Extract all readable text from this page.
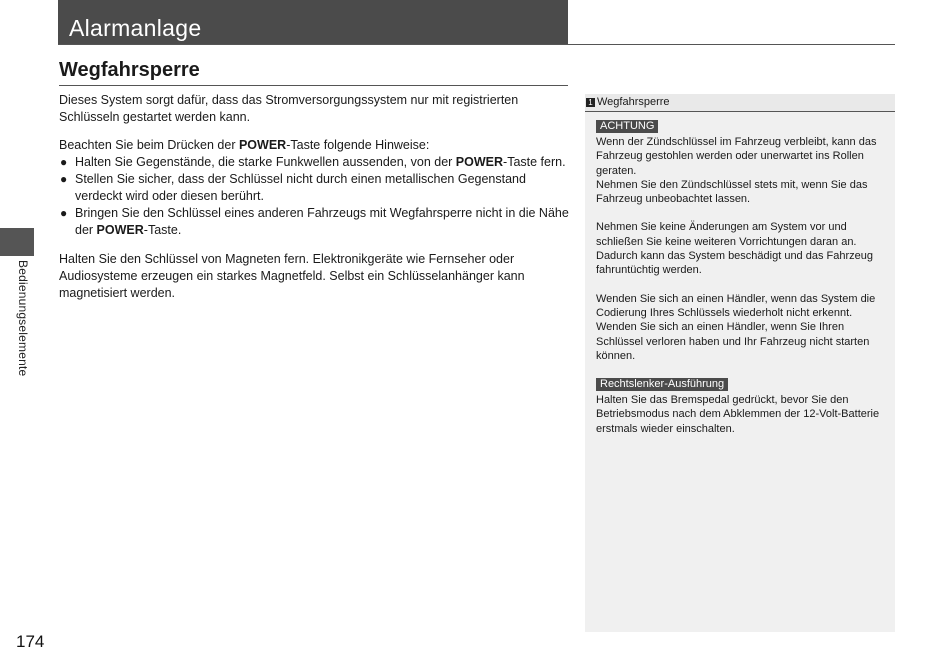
Alarmanlage
Bedienungselemente
174
Wegfahrsperre

Dieses System sorgt dafür, dass das Stromversorgungssystem nur mit registrierten Schlüsseln gestartet werden kann.

Beachten Sie beim Drücken der POWER-Taste folgende Hinweise:
● Halten Sie Gegenstände, die starke Funkwellen aussenden, von der POWER-Taste fern.
● Stellen Sie sicher, dass der Schlüssel nicht durch einen metallischen Gegenstand verdeckt wird oder diesen berührt.
● Bringen Sie den Schlüssel eines anderen Fahrzeugs mit Wegfahrsperre nicht in die Nähe der POWER-Taste.

Halten Sie den Schlüssel von Magneten fern. Elektronikgeräte wie Fernseher oder Audiosysteme erzeugen ein starkes Magnetfeld. Selbst ein Schlüsselanhänger kann magnetisiert werden.

1 Wegfahrsperre
ACHTUNG

Wenn der Zündschlüssel im Fahrzeug verbleibt, kann das Fahrzeug gestohlen werden oder unerwartet ins Rollen geraten.
Nehmen Sie den Zündschlüssel stets mit, wenn Sie das Fahrzeug unbeobachtet lassen.

Nehmen Sie keine Änderungen am System vor und schließen Sie keine weiteren Vorrichtungen daran an.
Dadurch kann das System beschädigt und das Fahrzeug fahruntüchtig werden.

Wenden Sie sich an einen Händler, wenn das System die Codierung Ihres Schlüssels wiederholt nicht erkennt.
Wenden Sie sich an einen Händler, wenn Sie Ihren Schlüssel verloren haben und Ihr Fahrzeug nicht starten können.

Rechtslenker-Ausführung

Halten Sie das Bremspedal gedrückt, bevor Sie den Betriebsmodus nach dem Abklemmen der 12-Volt-Batterie erstmals wieder einschalten.
